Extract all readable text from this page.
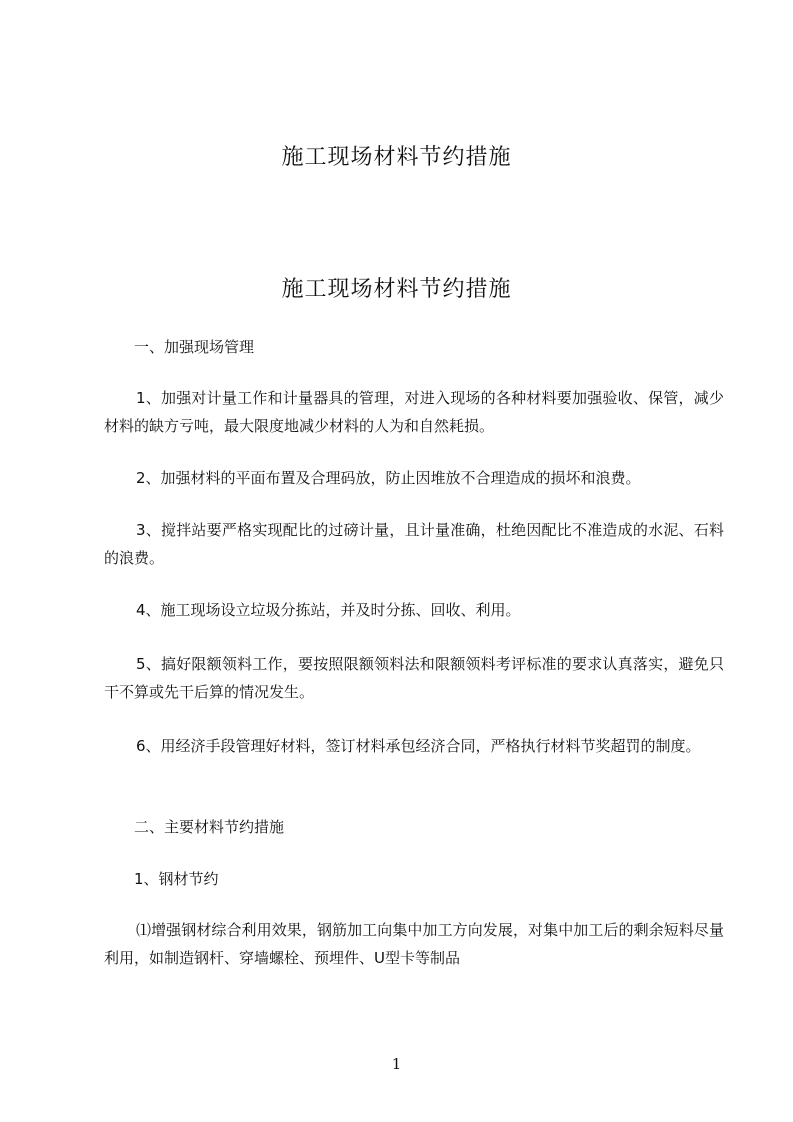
施工现场材料节约措施
施工现场材料节约措施
一、加强现场管理
1、加强对计量工作和计量器具的管理，对进入现场的各种材料要加强验收、保管，减少材料的缺方亏吨，最大限度地减少材料的人为和自然耗损。
2、加强材料的平面布置及合理码放，防止因堆放不合理造成的损坏和浪费。
3、搅拌站要严格实现配比的过磅计量，且计量准确，杜绝因配比不准造成的水泥、石料的浪费。
4、施工现场设立垃圾分拣站，并及时分拣、回收、利用。
5、搞好限额领料工作，要按照限额领料法和限额领料考评标准的要求认真落实，避免只干不算或先干后算的情况发生。
6、用经济手段管理好材料，签订材料承包经济合同，严格执行材料节奖超罚的制度。
二、主要材料节约措施
1、钢材节约
⑴增强钢材综合利用效果，钢筋加工向集中加工方向发展，对集中加工后的剩余短料尽量利用，如制造钢杆、穿墙螺栓、预埋件、U型卡等制品
1
